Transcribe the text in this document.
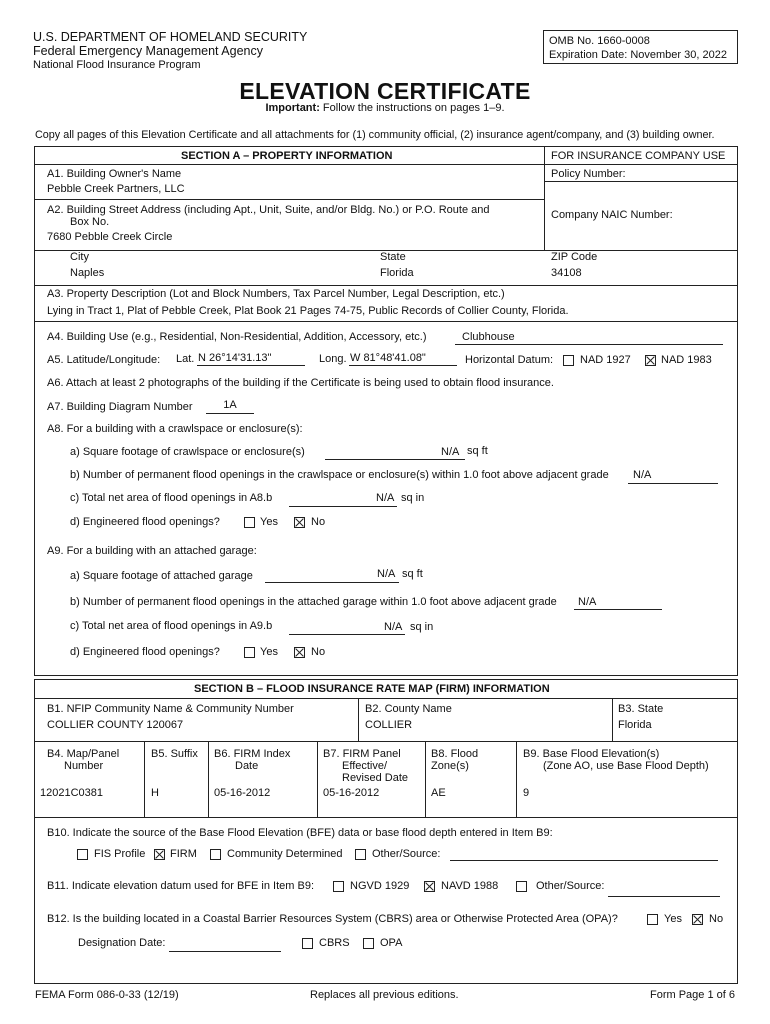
U.S. DEPARTMENT OF HOMELAND SECURITY
Federal Emergency Management Agency
National Flood Insurance Program
OMB No. 1660-0008
Expiration Date: November 30, 2022
ELEVATION CERTIFICATE
Important: Follow the instructions on pages 1–9.
Copy all pages of this Elevation Certificate and all attachments for (1) community official, (2) insurance agent/company, and (3) building owner.
SECTION A – PROPERTY INFORMATION	FOR INSURANCE COMPANY USE
A1. Building Owner's Name
Pebble Creek Partners, LLC
Policy Number:
A2. Building Street Address (including Apt., Unit, Suite, and/or Bldg. No.) or P.O. Route and
Box No.
7680 Pebble Creek Circle
Company NAIC Number:
City
Naples
State
Florida
ZIP Code
34108
A3. Property Description (Lot and Block Numbers, Tax Parcel Number, Legal Description, etc.)
Lying in Tract 1, Plat of Pebble Creek, Plat Book 21 Pages 74-75, Public Records of Collier County, Florida.
A4. Building Use (e.g., Residential, Non-Residential, Addition, Accessory, etc.)	Clubhouse
A5. Latitude/Longitude: Lat. N 26°14'31.13"	Long. W 81°48'41.08"	Horizontal Datum: NAD 1927	NAD 1983
A6. Attach at least 2 photographs of the building if the Certificate is being used to obtain flood insurance.
A7. Building Diagram Number	1A
A8. For a building with a crawlspace or enclosure(s):
a) Square footage of crawlspace or enclosure(s)	N/A sq ft
b) Number of permanent flood openings in the crawlspace or enclosure(s) within 1.0 foot above adjacent grade N/A
c) Total net area of flood openings in A8.b	N/A sq in
d) Engineered flood openings?	Yes	No
A9. For a building with an attached garage:
a) Square footage of attached garage	N/A sq ft
b) Number of permanent flood openings in the attached garage within 1.0 foot above adjacent grade N/A
c) Total net area of flood openings in A9.b	N/A sq in
d) Engineered flood openings?	Yes	No
SECTION B – FLOOD INSURANCE RATE MAP (FIRM) INFORMATION
B1. NFIP Community Name & Community Number
COLLIER COUNTY 120067
B2. County Name
COLLIER
B3. State
Florida
B4. Map/Panel
Number
12021C0381
B5. Suffix
H
B6. FIRM Index
Date
05-16-2012
B7. FIRM Panel
Effective/
Revised Date
05-16-2012
B8. Flood
Zone(s)
AE
B9. Base Flood Elevation(s)
(Zone AO, use Base Flood Depth)
9
B10. Indicate the source of the Base Flood Elevation (BFE) data or base flood depth entered in Item B9:
FIS Profile FIRM	Community Determined	Other/Source:
B11. Indicate elevation datum used for BFE in Item B9:	NGVD 1929	NAVD 1988	Other/Source:
B12. Is the building located in a Coastal Barrier Resources System (CBRS) area or Otherwise Protected Area (OPA)?	Yes No
Designation Date:	CBRS	OPA
FEMA Form 086-0-33 (12/19)	Replaces all previous editions.	Form Page 1 of 6
